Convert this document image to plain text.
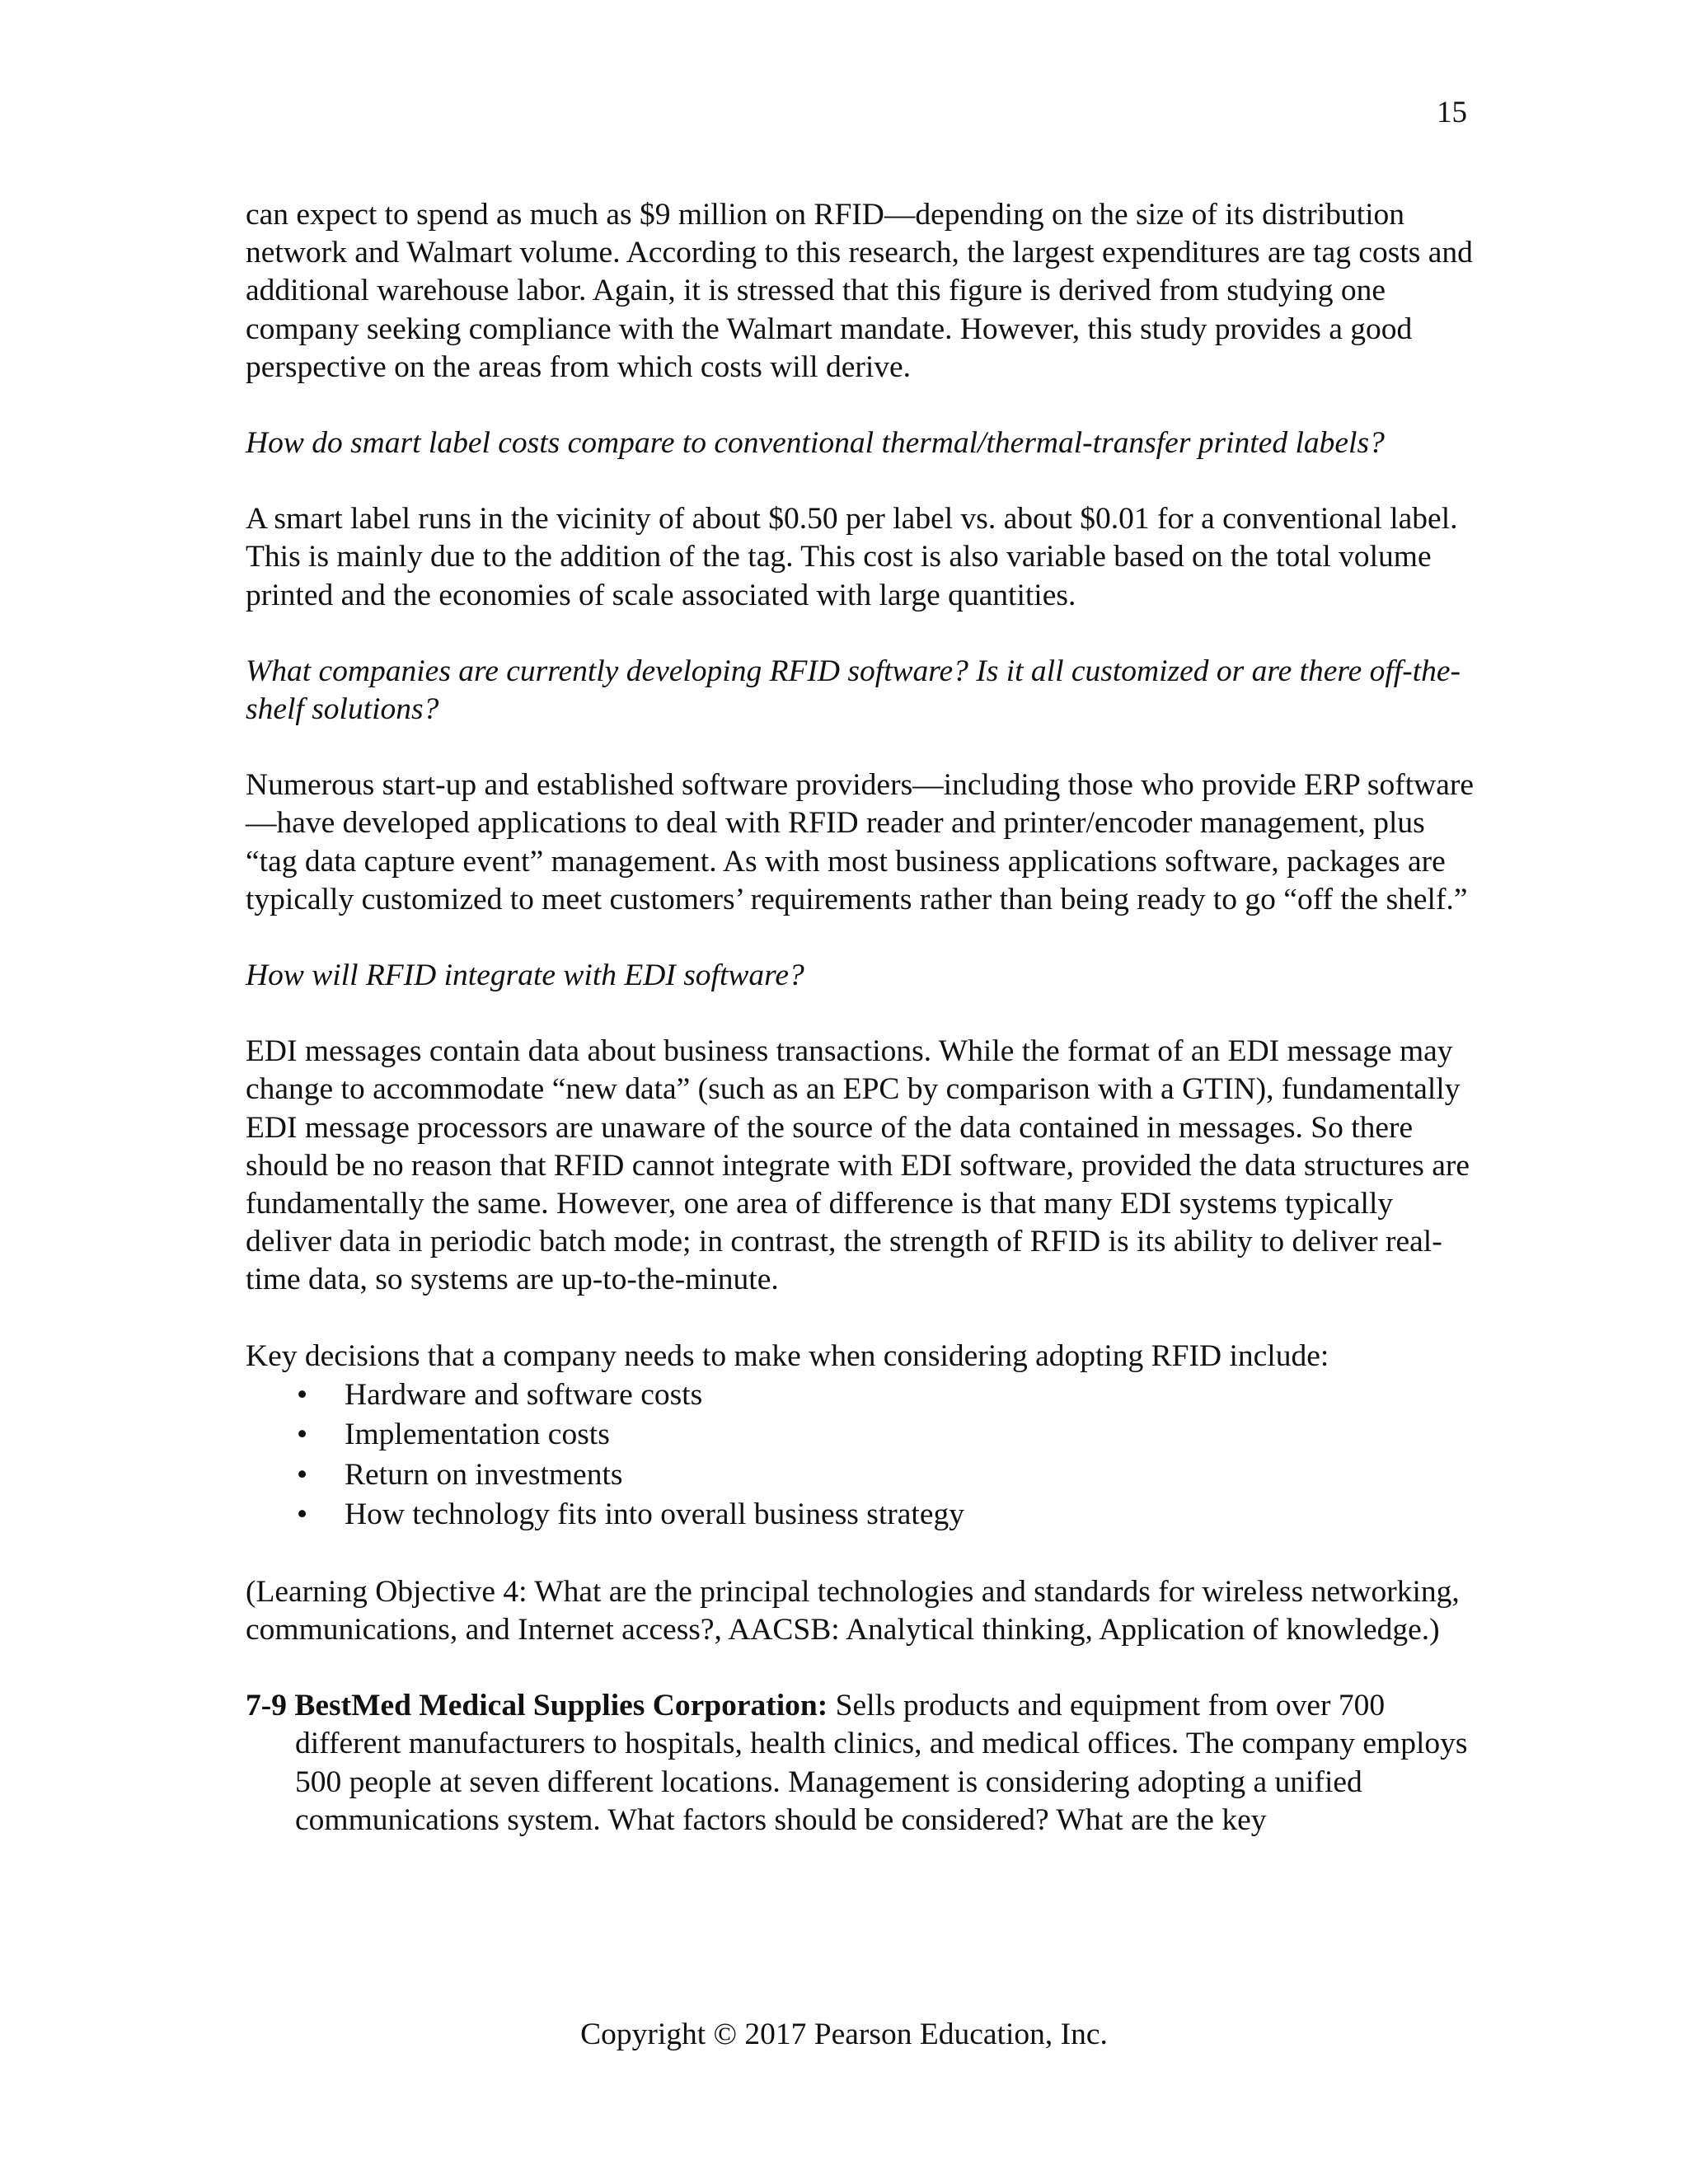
15

can expect to spend as much as $9 million on RFID—depending on the size of its distribution network and Walmart volume. According to this research, the largest expenditures are tag costs and additional warehouse labor. Again, it is stressed that this figure is derived from studying one company seeking compliance with the Walmart mandate. However, this study provides a good perspective on the areas from which costs will derive.

How do smart label costs compare to conventional thermal/thermal-transfer printed labels?

A smart label runs in the vicinity of about $0.50 per label vs. about $0.01 for a conventional label. This is mainly due to the addition of the tag. This cost is also variable based on the total volume printed and the economies of scale associated with large quantities.

What companies are currently developing RFID software? Is it all customized or are there off-the-shelf solutions?

Numerous start-up and established software providers—including those who provide ERP software—have developed applications to deal with RFID reader and printer/encoder management, plus “tag data capture event” management. As with most business applications software, packages are typically customized to meet customers’ requirements rather than being ready to go “off the shelf.”

How will RFID integrate with EDI software?

EDI messages contain data about business transactions. While the format of an EDI message may change to accommodate “new data” (such as an EPC by comparison with a GTIN), fundamentally EDI message processors are unaware of the source of the data contained in messages. So there should be no reason that RFID cannot integrate with EDI software, provided the data structures are fundamentally the same. However, one area of difference is that many EDI systems typically deliver data in periodic batch mode; in contrast, the strength of RFID is its ability to deliver real-time data, so systems are up-to-the-minute.

Key decisions that a company needs to make when considering adopting RFID include:

• Hardware and software costs
• Implementation costs
• Return on investments
• How technology fits into overall business strategy

(Learning Objective 4: What are the principal technologies and standards for wireless networking, communications, and Internet access?, AACSB: Analytical thinking, Application of knowledge.)

7-9 BestMed Medical Supplies Corporation: Sells products and equipment from over 700 different manufacturers to hospitals, health clinics, and medical offices. The company employs 500 people at seven different locations. Management is considering adopting a unified communications system. What factors should be considered? What are the key

Copyright © 2017 Pearson Education, Inc.
